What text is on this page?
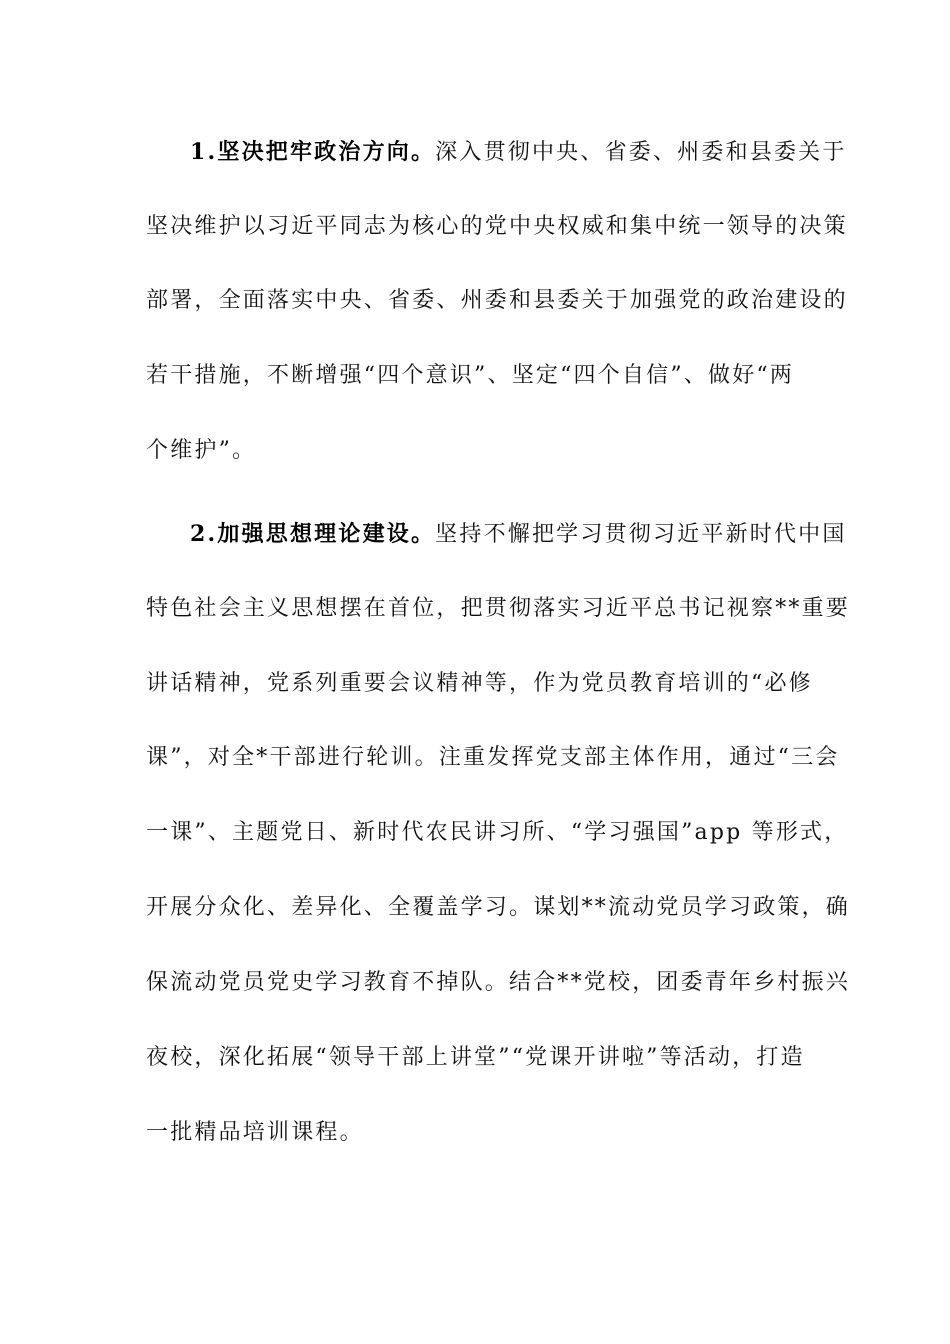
1.坚决把牢政治方向。深入贯彻中央、省委、州委和县委关于
坚决维护以习近平同志为核心的党中央权威和集中统一领导的决策
部署，全面落实中央、省委、州委和县委关于加强党的政治建设的
若干措施，不断增强“四个意识”、坚定“四个自信”、做好“两
个维护”。
2.加强思想理论建设。坚持不懈把学习贯彻习近平新时代中国
特色社会主义思想摆在首位，把贯彻落实习近平总书记视察**重要
讲话精神，党系列重要会议精神等，作为党员教育培训的“必修
课”，对全*干部进行轮训。注重发挥党支部主体作用，通过“三会
一课”、主题党日、新时代农民讲习所、“学习强国”app 等形式，
开展分众化、差异化、全覆盖学习。谋划**流动党员学习政策，确
保流动党员党史学习教育不掉队。结合**党校，团委青年乡村振兴
夜校，深化拓展“领导干部上讲堂”“党课开讲啦”等活动，打造
一批精品培训课程。
